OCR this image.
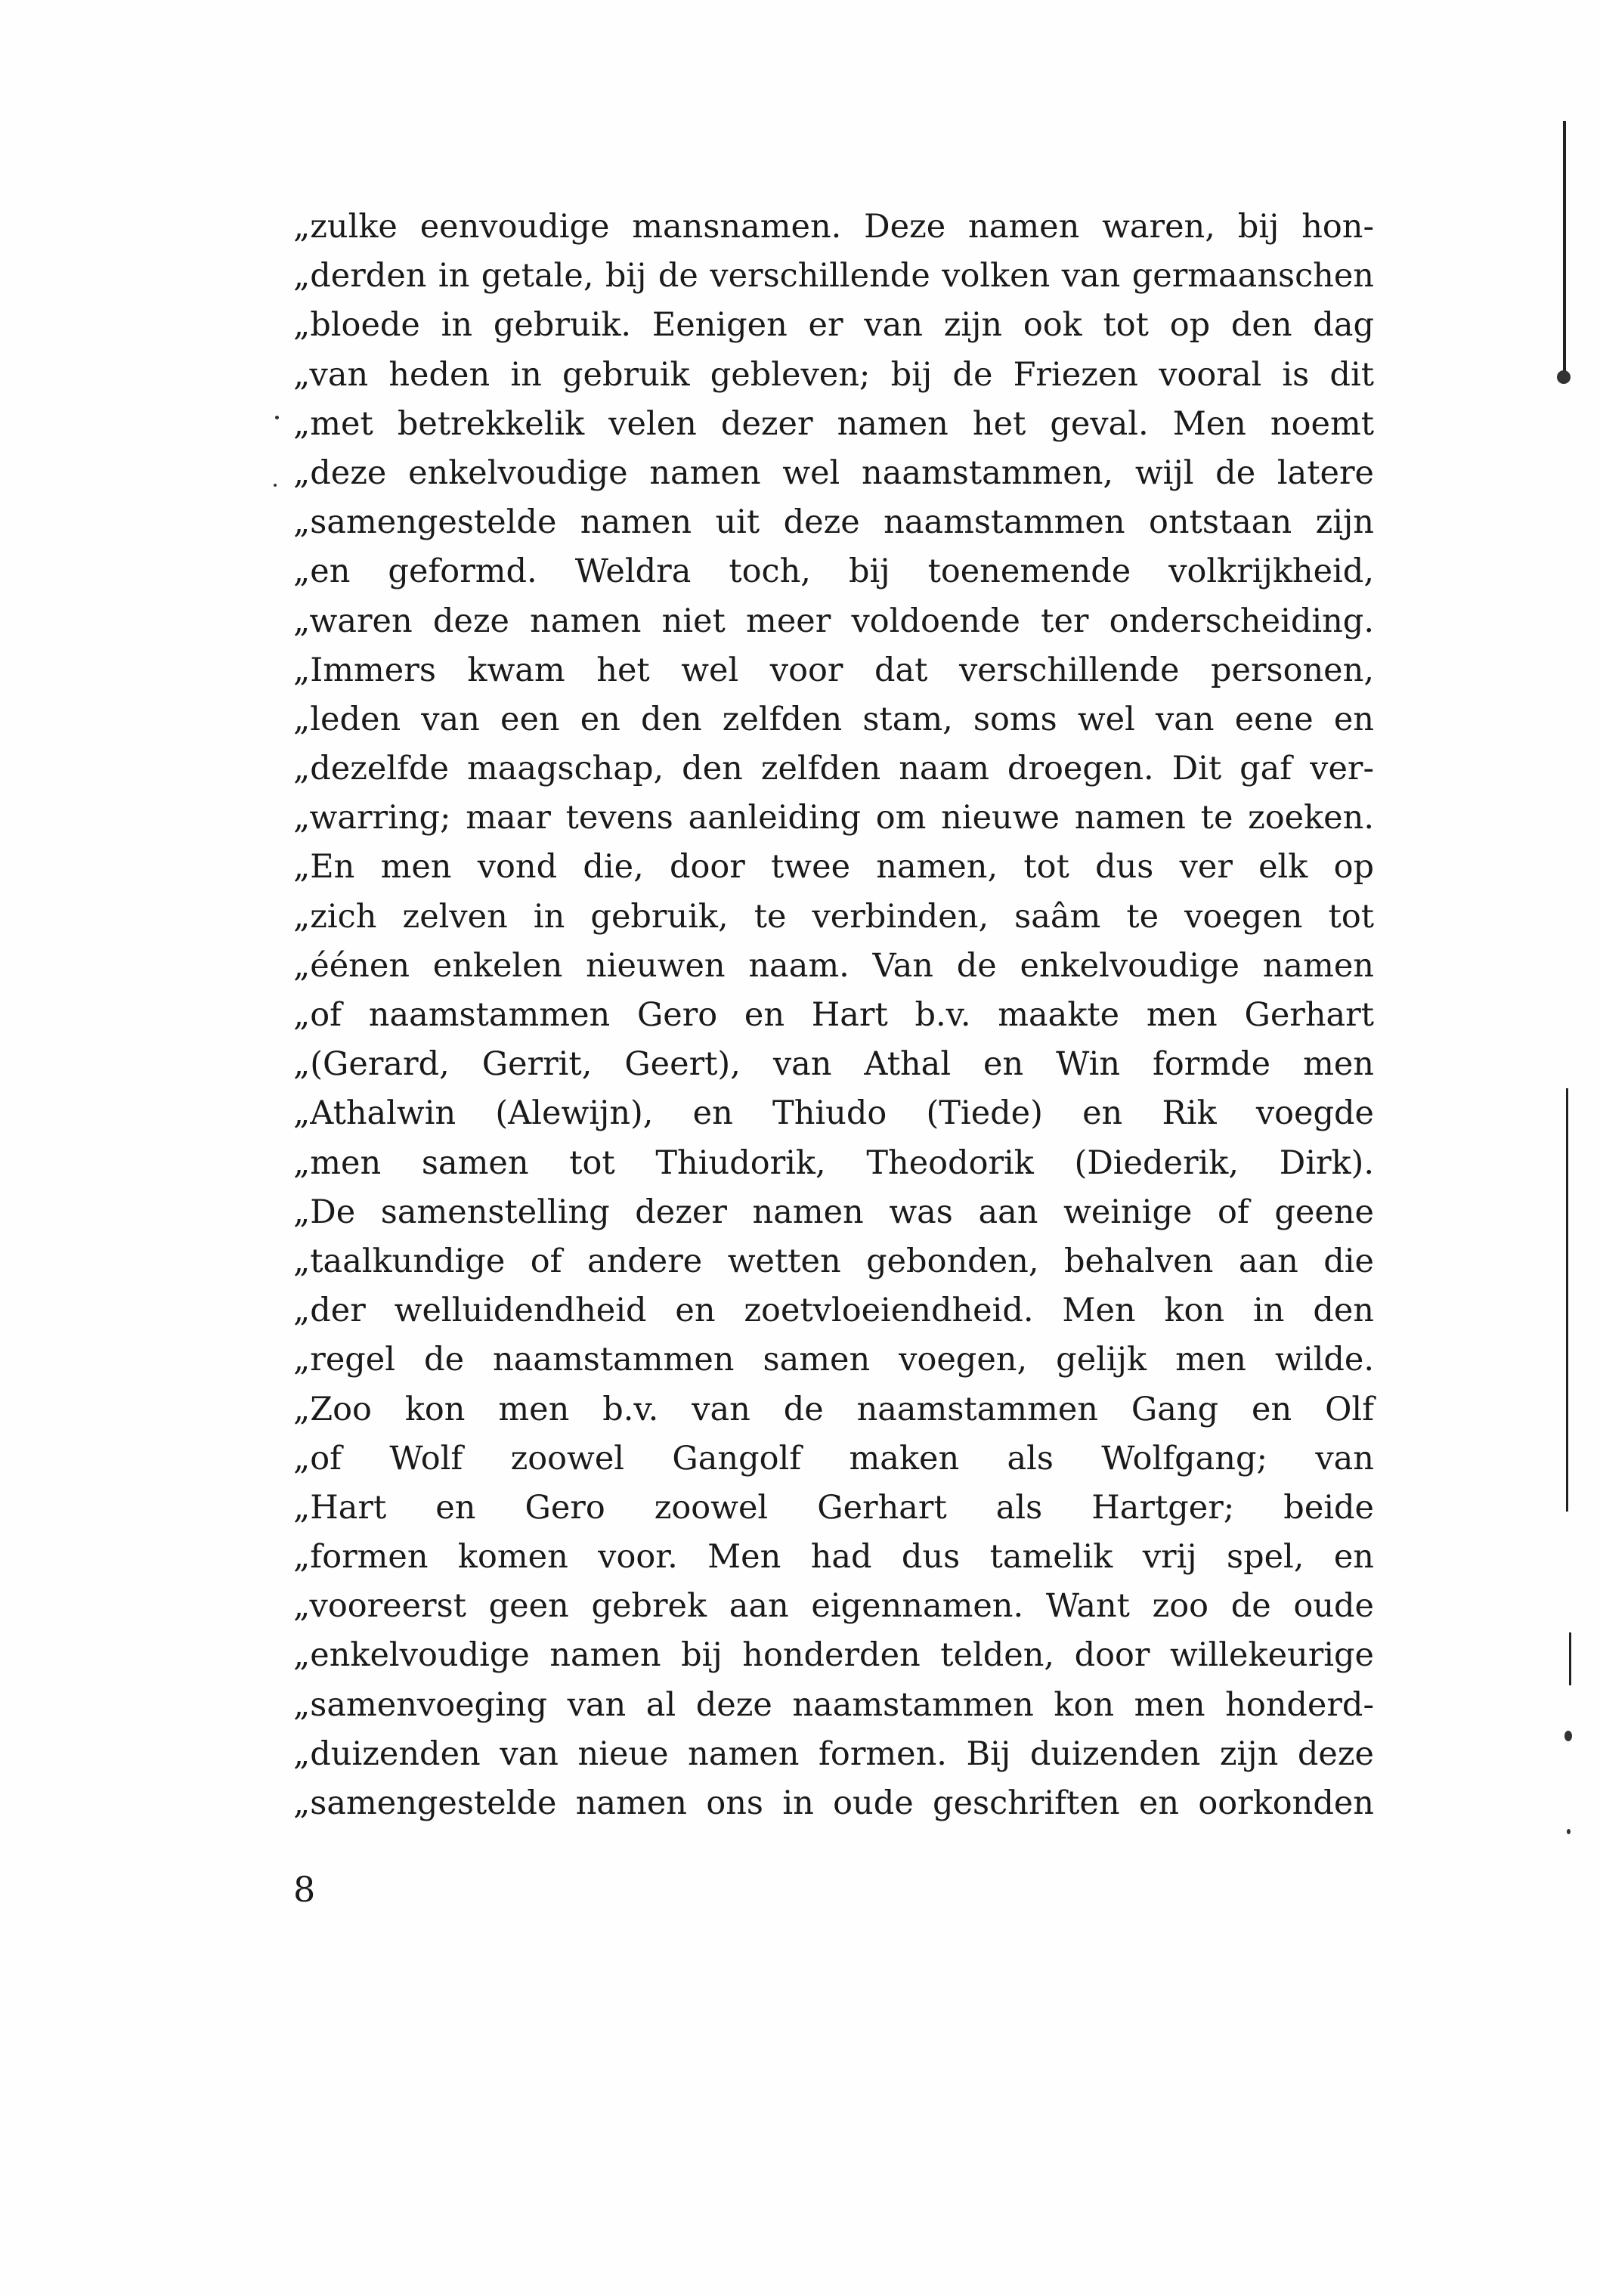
„zulke eenvoudige mansnamen. Deze namen waren, bij hon-
„derden in getale, bij de verschillende volken van germaanschen
„bloede in gebruik. Eenigen er van zijn ook tot op den dag
„van heden in gebruik gebleven; bij de Friezen vooral is dit
„met betrekkelik velen dezer namen het geval. Men noemt
„deze enkelvoudige namen wel naamstammen, wijl de latere
„samengestelde namen uit deze naamstammen ontstaan zijn
„en geformd. Weldra toch, bij toenemende volkrijkheid,
„waren deze namen niet meer voldoende ter onderscheiding.
„Immers kwam het wel voor dat verschillende personen,
„leden van een en den zelfden stam, soms wel van eene en
„dezelfde maagschap, den zelfden naam droegen. Dit gaf ver-
„warring; maar tevens aanleiding om nieuwe namen te zoeken.
„En men vond die, door twee namen, tot dus ver elk op
„zich zelven in gebruik, te verbinden, saâm te voegen tot
„éénen enkelen nieuwen naam. Van de enkelvoudige namen
„of naamstammen Gero en Hart b.v. maakte men Gerhart
„(Gerard, Gerrit, Geert), van Athal en Win formde men
„Athalwin (Alewijn), en Thiudo (Tiede) en Rik voegde
„men samen tot Thiudorik, Theodorik (Diederik, Dirk).
„De samenstelling dezer namen was aan weinige of geene
„taalkundige of andere wetten gebonden, behalven aan die
„der welluidendheid en zoetvloeiendheid. Men kon in den
„regel de naamstammen samen voegen, gelijk men wilde.
„Zoo kon men b.v. van de naamstammen Gang en Olf
„of Wolf zoowel Gangolf maken als Wolfgang; van
„Hart en Gero zoowel Gerhart als Hartger; beide
„formen komen voor. Men had dus tamelik vrij spel, en
„vooreerst geen gebrek aan eigennamen. Want zoo de oude
„enkelvoudige namen bij honderden telden, door willekeurige
„samenvoeging van al deze naamstammen kon men honderd-
„duizenden van nieue namen formen. Bij duizenden zijn deze
„samengestelde namen ons in oude geschriften en oorkonden
8
